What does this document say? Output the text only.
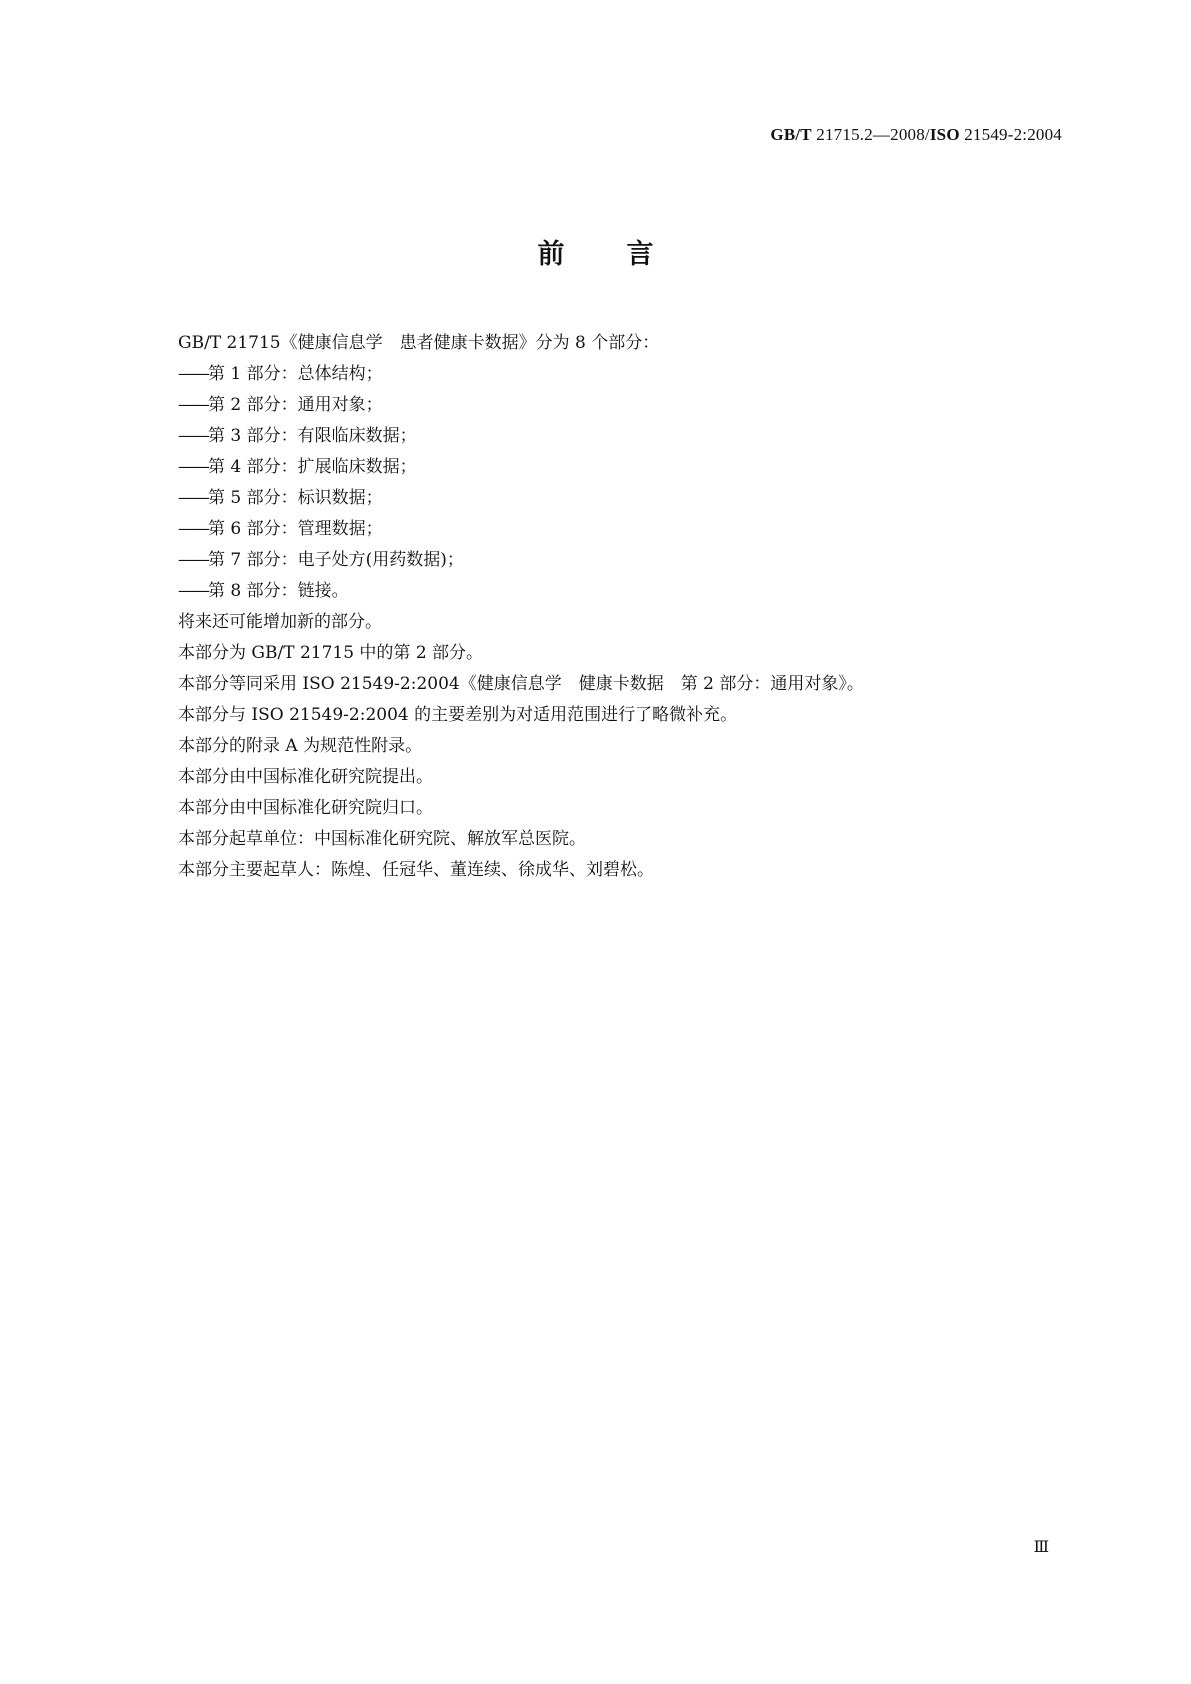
GB/T 21715.2—2008/ISO 21549-2:2004
前 言
GB/T 21715《健康信息学　患者健康卡数据》分为 8 个部分：
——第 1 部分：总体结构；
——第 2 部分：通用对象；
——第 3 部分：有限临床数据；
——第 4 部分：扩展临床数据；
——第 5 部分：标识数据；
——第 6 部分：管理数据；
——第 7 部分：电子处方(用药数据)；
——第 8 部分：链接。
将来还可能增加新的部分。
本部分为 GB/T 21715 中的第 2 部分。
本部分等同采用 ISO 21549-2:2004《健康信息学　健康卡数据　第 2 部分：通用对象》。
本部分与 ISO 21549-2:2004 的主要差别为对适用范围进行了略微补充。
本部分的附录 A 为规范性附录。
本部分由中国标准化研究院提出。
本部分由中国标准化研究院归口。
本部分起草单位：中国标准化研究院、解放军总医院。
本部分主要起草人：陈煌、任冠华、董连续、徐成华、刘碧松。
Ⅲ
